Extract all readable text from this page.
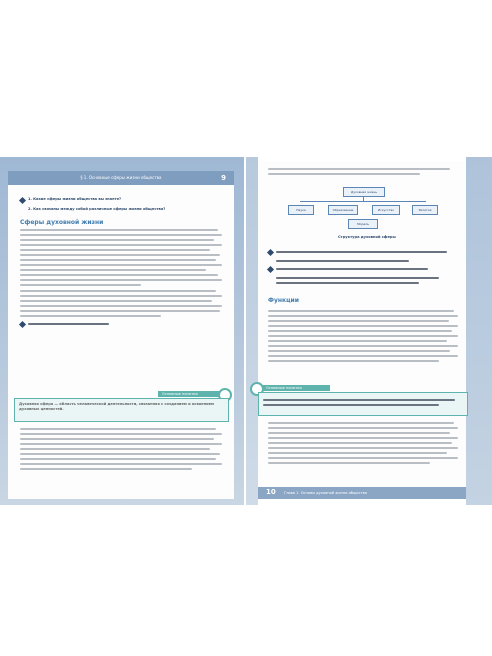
§ 1. Основные сферы жизни общества	9
1. Какие сферы жизни общества вы знаете?
2. Как связаны между собой различные сферы жизни общества?
Сферы духовной жизни
Основные понятия
Духовная сфера — область человеческой деятельности, связанная с созданием и освоением духовных ценностей.
Духовная жизнь
Наука	Образование	Искусство	Религия
Мораль
Структура духовной сферы
Функции
Основные понятия
10 Глава 1. Основы духовной жизни общества
